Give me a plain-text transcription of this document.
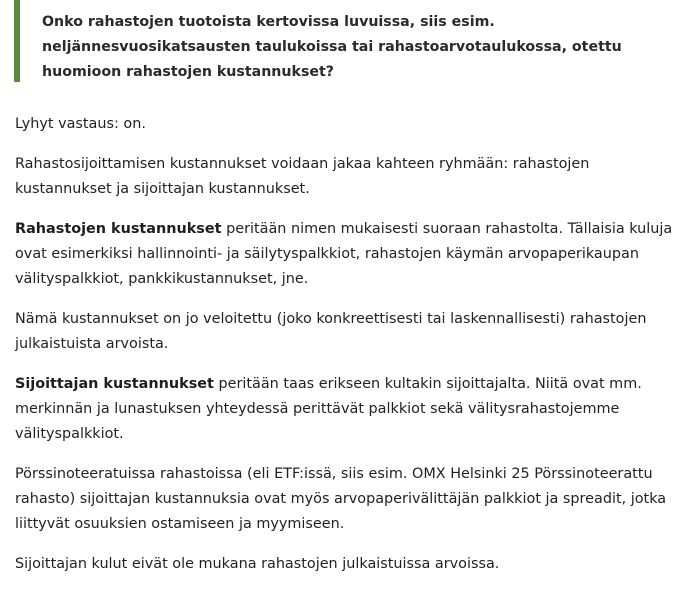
Onko rahastojen tuotoista kertovissa luvuissa, siis esim. neljännesvuosikatsausten taulukoissa tai rahastoarvotaulukossa, otettu huomioon rahastojen kustannukset?

Lyhyt vastaus: on.

Rahastosijoittamisen kustannukset voidaan jakaa kahteen ryhmään: rahastojen kustannukset ja sijoittajan kustannukset.

Rahastojen kustannukset peritään nimen mukaisesti suoraan rahastolta. Tällaisia kuluja ovat esimerkiksi hallinnointi- ja säilytyspalkkiot, rahastojen käymän arvopaperikaupan välityspalkkiot, pankkikustannukset, jne.

Nämä kustannukset on jo veloitettu (joko konkreettisesti tai laskennallisesti) rahastojen julkaistuista arvoista.

Sijoittajan kustannukset peritään taas erikseen kultakin sijoittajalta. Niitä ovat mm. merkinnän ja lunastuksen yhteydessä perittävät palkkiot sekä välitysrahastojemme välityspalkkiot.

Pörssinoteeratuissa rahastoissa (eli ETF:issä, siis esim. OMX Helsinki 25 Pörssinoteerattu rahasto) sijoittajan kustannuksia ovat myös arvopaperivälittäjän palkkiot ja spreadit, jotka liittyvät osuuksien ostamiseen ja myymiseen.

Sijoittajan kulut eivät ole mukana rahastojen julkaistuissa arvoissa.
